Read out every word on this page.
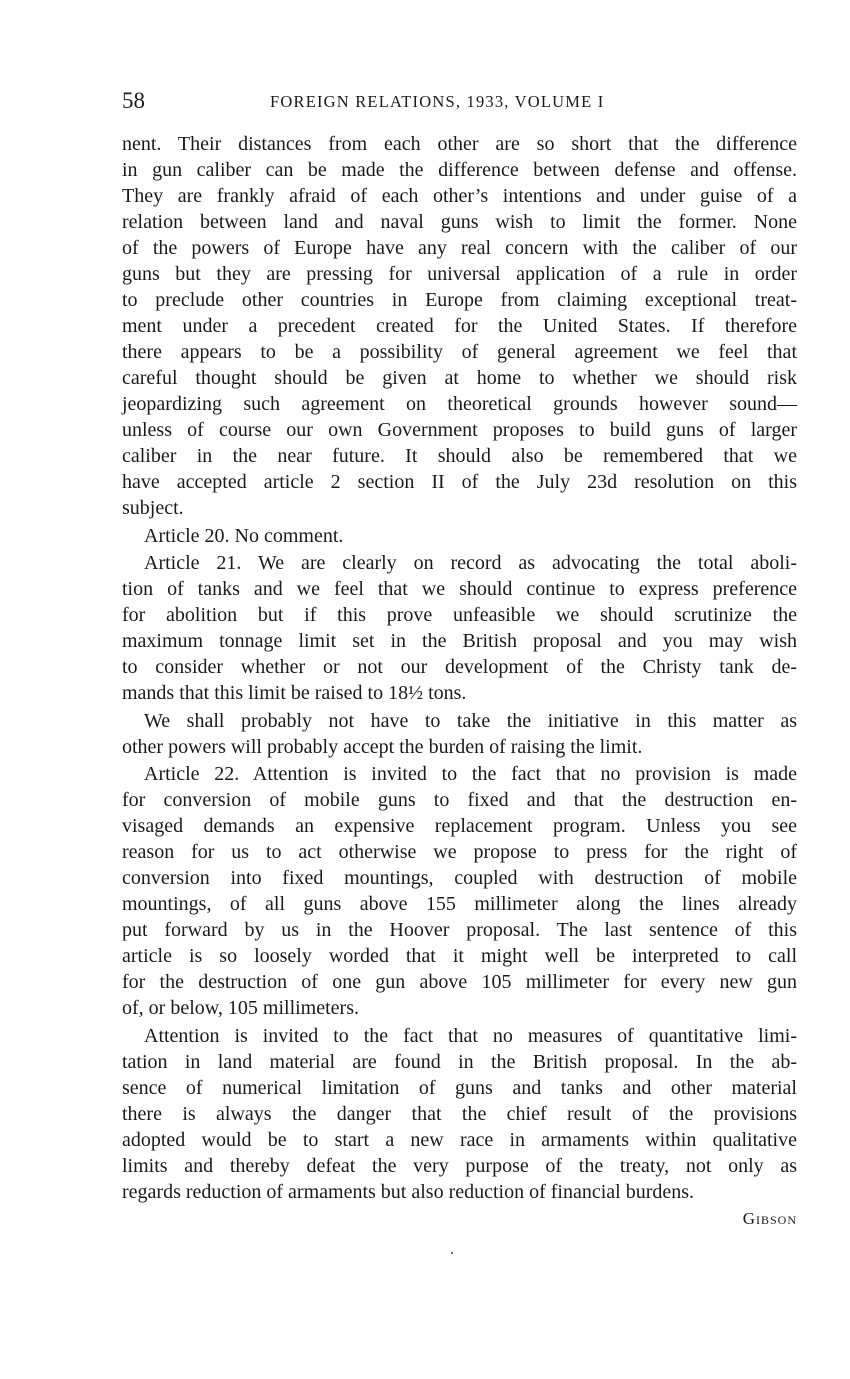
58	FOREIGN RELATIONS, 1933, VOLUME I
nent. Their distances from each other are so short that the difference
in gun caliber can be made the difference between defense and offense.
They are frankly afraid of each other’s intentions and under guise of a
relation between land and naval guns wish to limit the former. None
of the powers of Europe have any real concern with the caliber of our
guns but they are pressing for universal application of a rule in order
to preclude other countries in Europe from claiming exceptional treat-
ment under a precedent created for the United States. If therefore
there appears to be a possibility of general agreement we feel that
careful thought should be given at home to whether we should risk
jeopardizing such agreement on theoretical grounds however sound—
unless of course our own Government proposes to build guns of larger
caliber in the near future. It should also be remembered that we
have accepted article 2 section II of the July 23d resolution on this
subject.
Article 20. No comment.
Article 21. We are clearly on record as advocating the total aboli-
tion of tanks and we feel that we should continue to express preference
for abolition but if this prove unfeasible we should scrutinize the
maximum tonnage limit set in the British proposal and you may wish
to consider whether or not our development of the Christy tank de-
mands that this limit be raised to 18½ tons.
We shall probably not have to take the initiative in this matter as
other powers will probably accept the burden of raising the limit.
Article 22. Attention is invited to the fact that no provision is made
for conversion of mobile guns to fixed and that the destruction en-
visaged demands an expensive replacement program. Unless you see
reason for us to act otherwise we propose to press for the right of
conversion into fixed mountings, coupled with destruction of mobile
mountings, of all guns above 155 millimeter along the lines already
put forward by us in the Hoover proposal. The last sentence of this
article is so loosely worded that it might well be interpreted to call
for the destruction of one gun above 105 millimeter for every new gun
of, or below, 105 millimeters.
Attention is invited to the fact that no measures of quantitative limi-
tation in land material are found in the British proposal. In the ab-
sence of numerical limitation of guns and tanks and other material
there is always the danger that the chief result of the provisions
adopted would be to start a new race in armaments within qualitative
limits and thereby defeat the very purpose of the treaty, not only as
regards reduction of armaments but also reduction of financial burdens.
Gibson
